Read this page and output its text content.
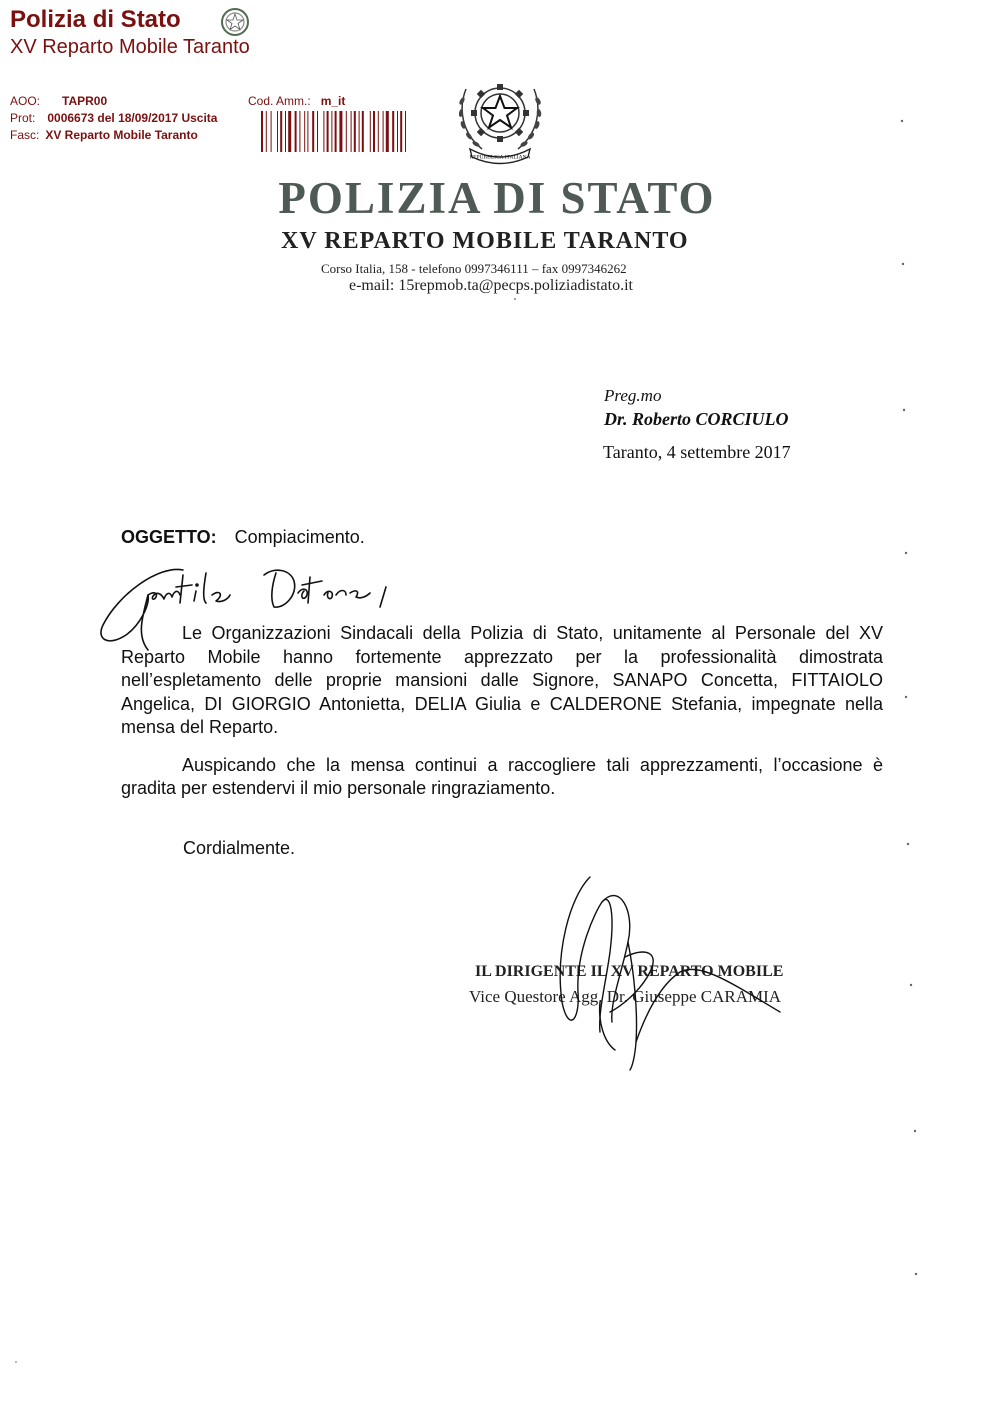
Polizia di Stato
XV Reparto Mobile Taranto
AOO: TAPR00	Cod. Amm.: m_it
Prot: 0006673 del 18/09/2017 Uscita
Fasc: XV Reparto Mobile Taranto
REPUBBLICA ITALIANA
POLIZIA DI STATO
XV REPARTO MOBILE TARANTO
Corso Italia, 158 - telefono 0997346111 – fax 0997346262
e-mail: 15repmob.ta@pecps.poliziadistato.it
Preg.mo
Dr. Roberto CORCIULO
Taranto, 4 settembre 2017
OGGETTO: Compiacimento.

Le Organizzazioni Sindacali della Polizia di Stato, unitamente al Personale del XV Reparto Mobile hanno fortemente apprezzato per la professionalità dimostrata nell’espletamento delle proprie mansioni dalle Signore, SANAPO Concetta, FITTAIOLO Angelica, DI GIORGIO Antonietta, DELIA Giulia e CALDERONE Stefania, impegnate nella mensa del Reparto.

Auspicando che la mensa continui a raccogliere tali apprezzamenti, l’occasione è gradita per estendervi il mio personale ringraziamento.

Cordialmente.
IL DIRIGENTE IL XV REPARTO MOBILE
Vice Questore Agg. Dr. Giuseppe CARAMIA
